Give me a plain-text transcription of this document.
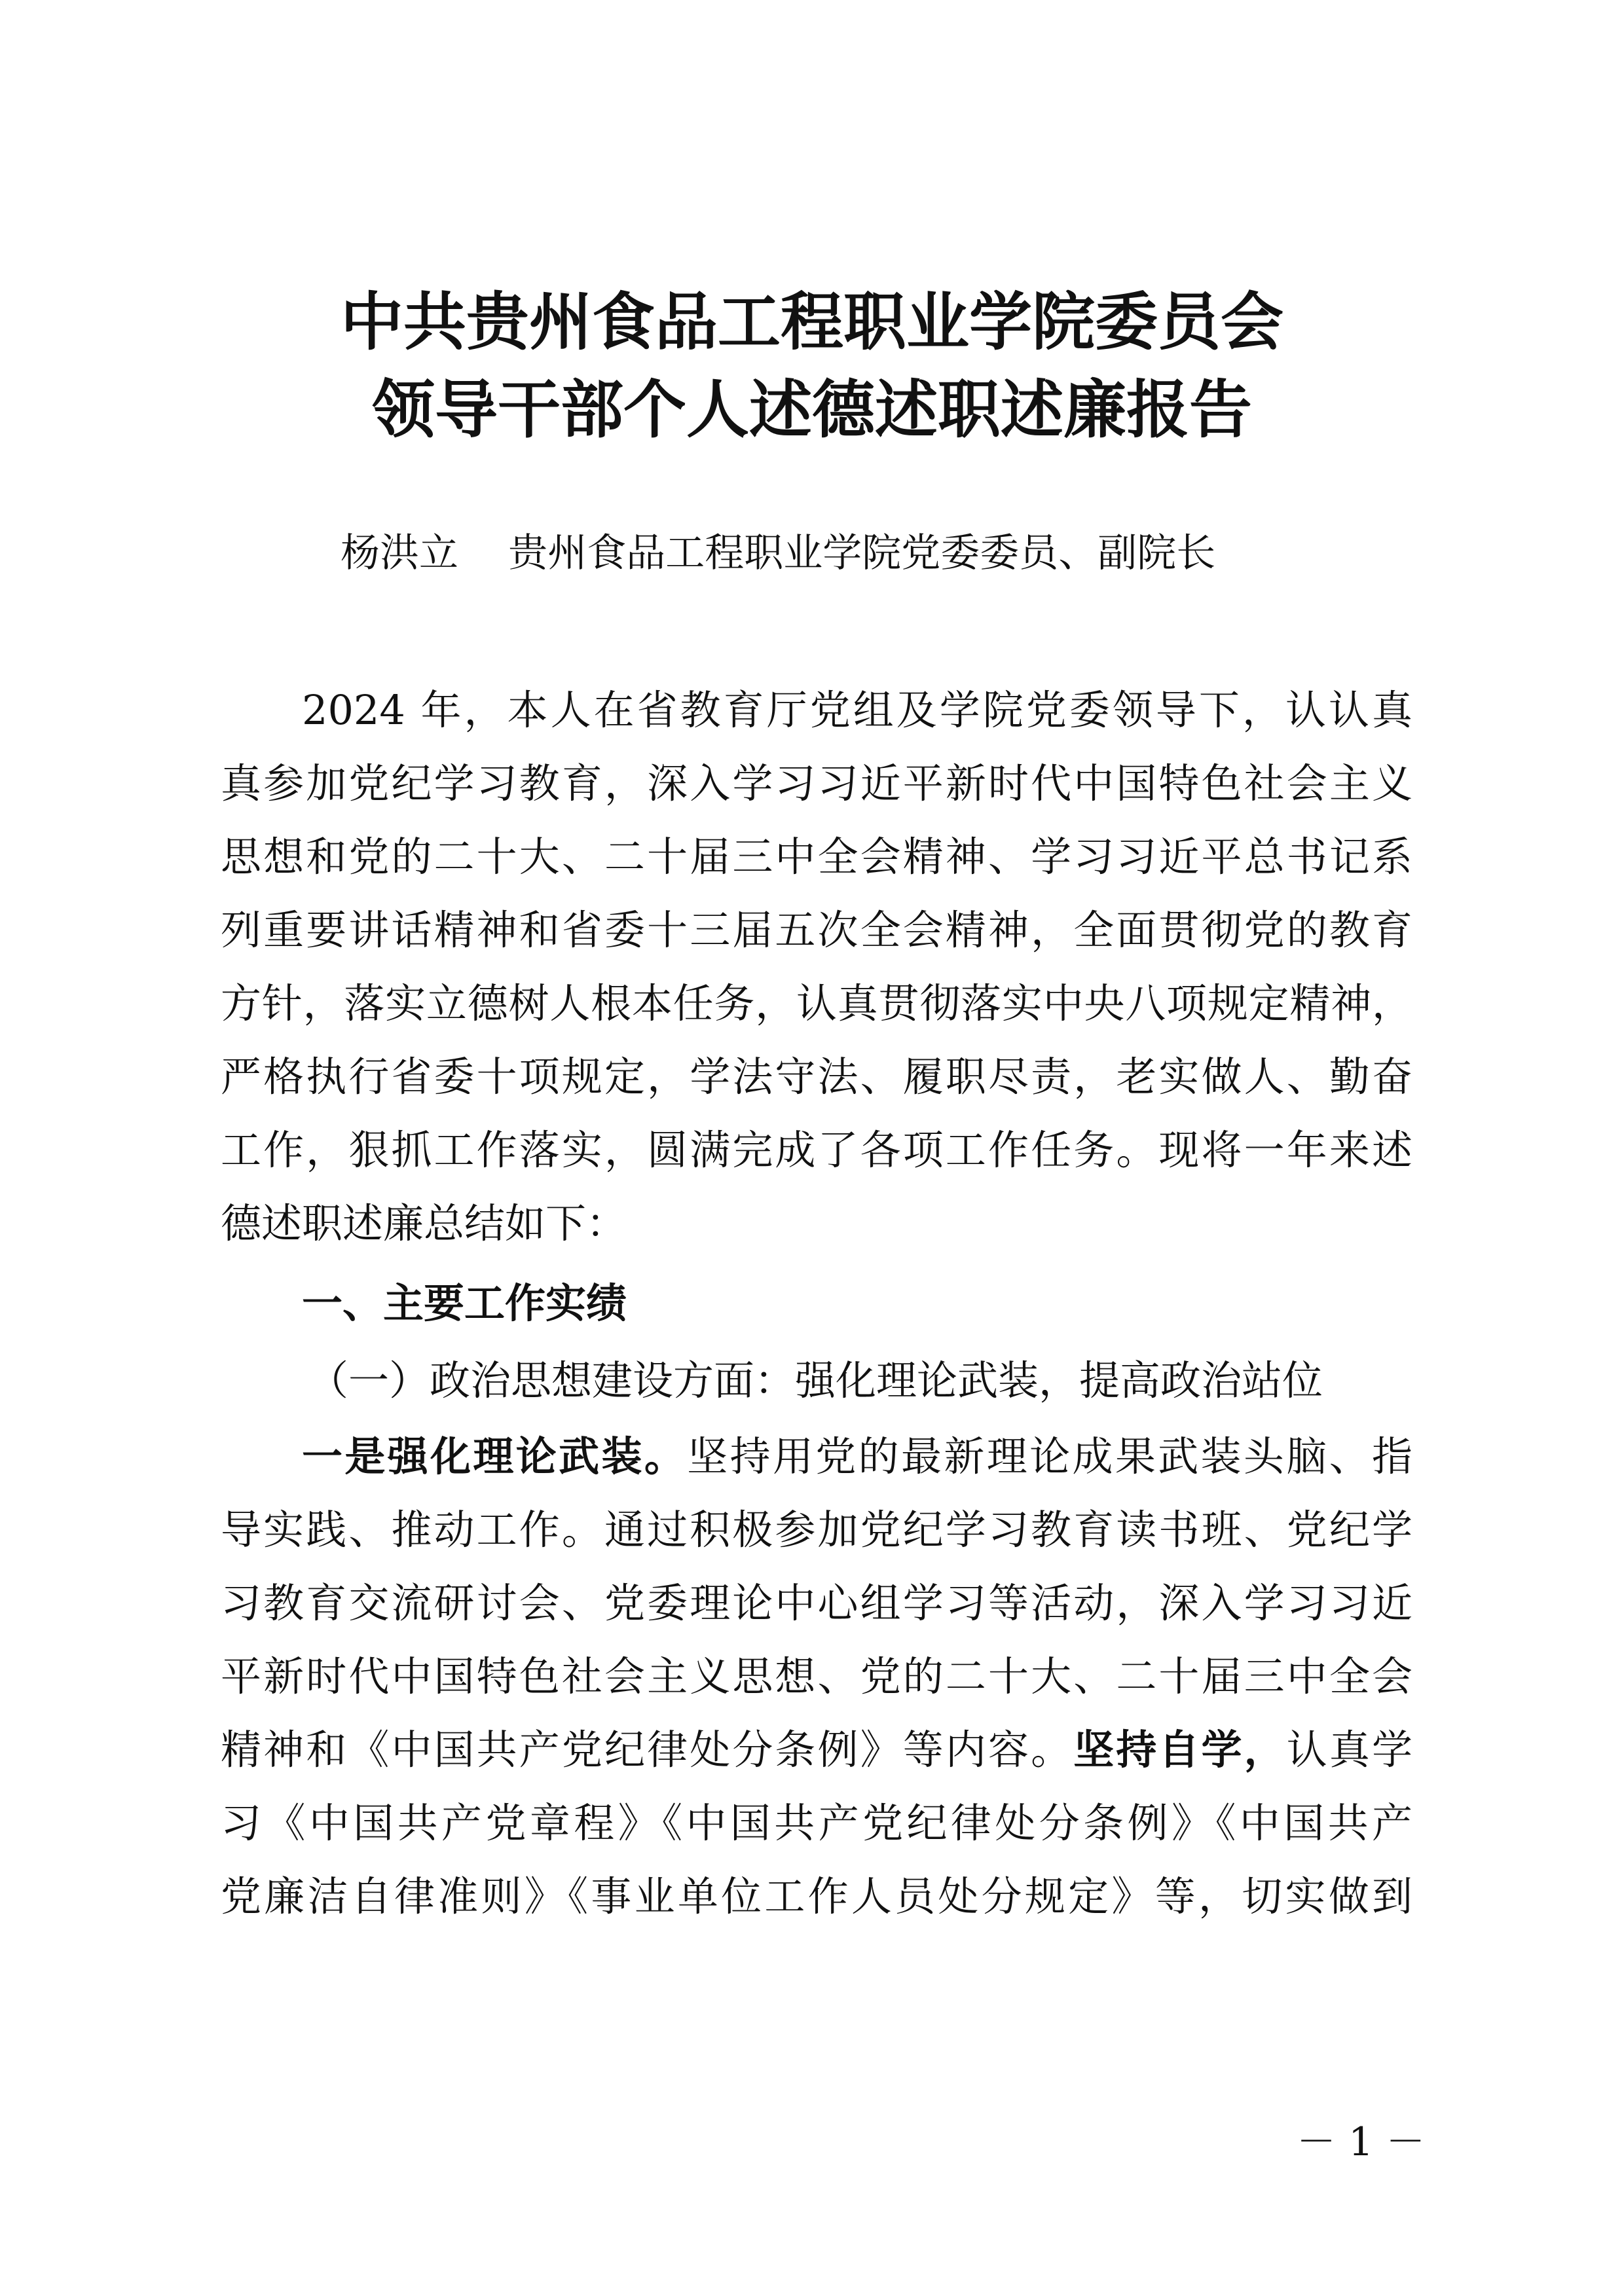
中共贵州食品工程职业学院委员会
领导干部个人述德述职述廉报告
杨洪立 贵州食品工程职业学院党委委员、副院长
2024 年，本人在省教育厅党组及学院党委领导下，认认真
真参加党纪学习教育，深入学习习近平新时代中国特色社会主义
思想和党的二十大、二十届三中全会精神、学习习近平总书记系
列重要讲话精神和省委十三届五次全会精神，全面贯彻党的教育
方针，落实立德树人根本任务，认真贯彻落实中央八项规定精神，
严格执行省委十项规定，学法守法、履职尽责，老实做人、勤奋
工作，狠抓工作落实，圆满完成了各项工作任务。现将一年来述
德述职述廉总结如下：
一、主要工作实绩
（一）政治思想建设方面：强化理论武装，提高政治站位
一是强化理论武装。坚持用党的最新理论成果武装头脑、指
导实践、推动工作。通过积极参加党纪学习教育读书班、党纪学
习教育交流研讨会、党委理论中心组学习等活动，深入学习习近
平新时代中国特色社会主义思想、党的二十大、二十届三中全会
精神和《中国共产党纪律处分条例》等内容。坚持自学，认真学
习《中国共产党章程》《中国共产党纪律处分条例》《中国共产
党廉洁自律准则》《事业单位工作人员处分规定》等，切实做到
－ 1 －
